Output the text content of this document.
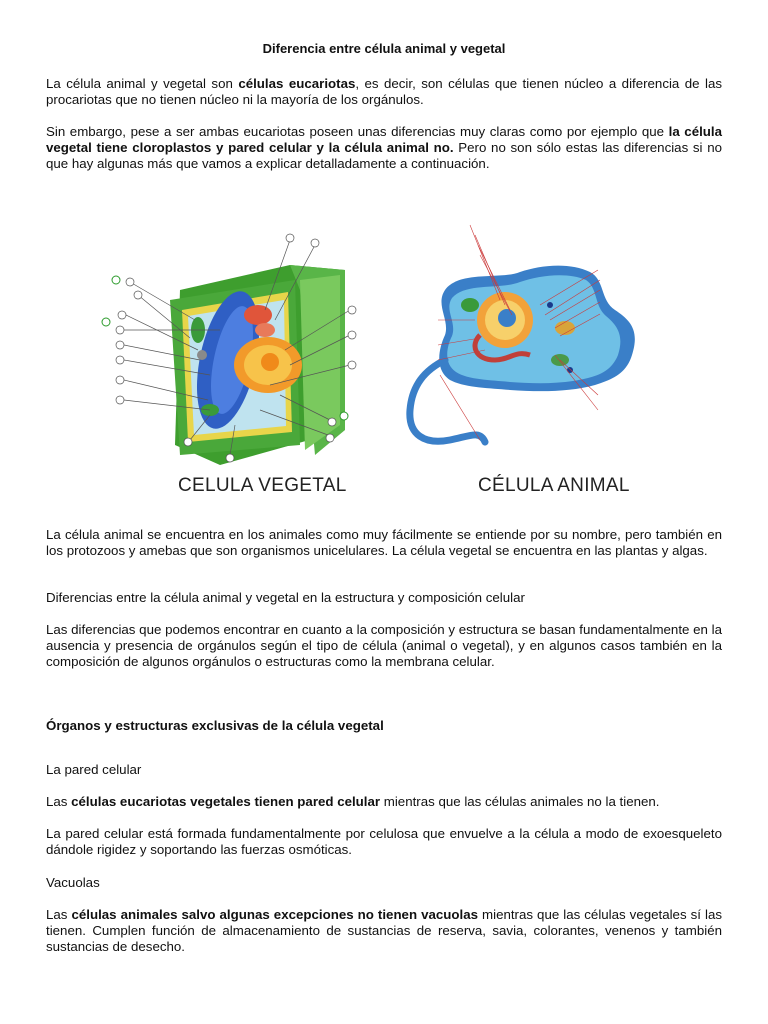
Diferencia entre célula animal y vegetal

La célula animal y vegetal son células eucariotas, es decir, son células que tienen núcleo a diferencia de las procariotas que no tienen núcleo ni la mayoría de los orgánulos.

Sin embargo, pese a ser ambas eucariotas poseen unas diferencias muy claras como por ejemplo que la célula vegetal tiene cloroplastos y pared celular y la célula animal no. Pero no son sólo estas las diferencias si no que hay algunas más que vamos a explicar detalladamente a continuación.

CELULA VEGETAL	CÉLULA ANIMAL

La célula animal se encuentra en los animales como muy fácilmente se entiende por su nombre, pero también en los protozoos y amebas que son organismos unicelulares. La célula vegetal se encuentra en las plantas y algas.

Diferencias entre la célula animal y vegetal en la estructura y composición celular

Las diferencias que podemos encontrar en cuanto a la composición y estructura se basan fundamentalmente en la ausencia y presencia de orgánulos según el tipo de célula (animal o vegetal), y en algunos casos también en la composición de algunos orgánulos o estructuras como la membrana celular.

Órganos y estructuras exclusivas de la célula vegetal

La pared celular

Las células eucariotas vegetales tienen pared celular mientras que las células animales no la tienen.

La pared celular está formada fundamentalmente por celulosa que envuelve a la célula a modo de exoesqueleto dándole rigidez y soportando las fuerzas osmóticas.

Vacuolas

Las células animales salvo algunas excepciones no tienen vacuolas mientras que las células vegetales sí las tienen. Cumplen función de almacenamiento de sustancias de reserva, savia, colorantes, venenos y también sustancias de desecho.
